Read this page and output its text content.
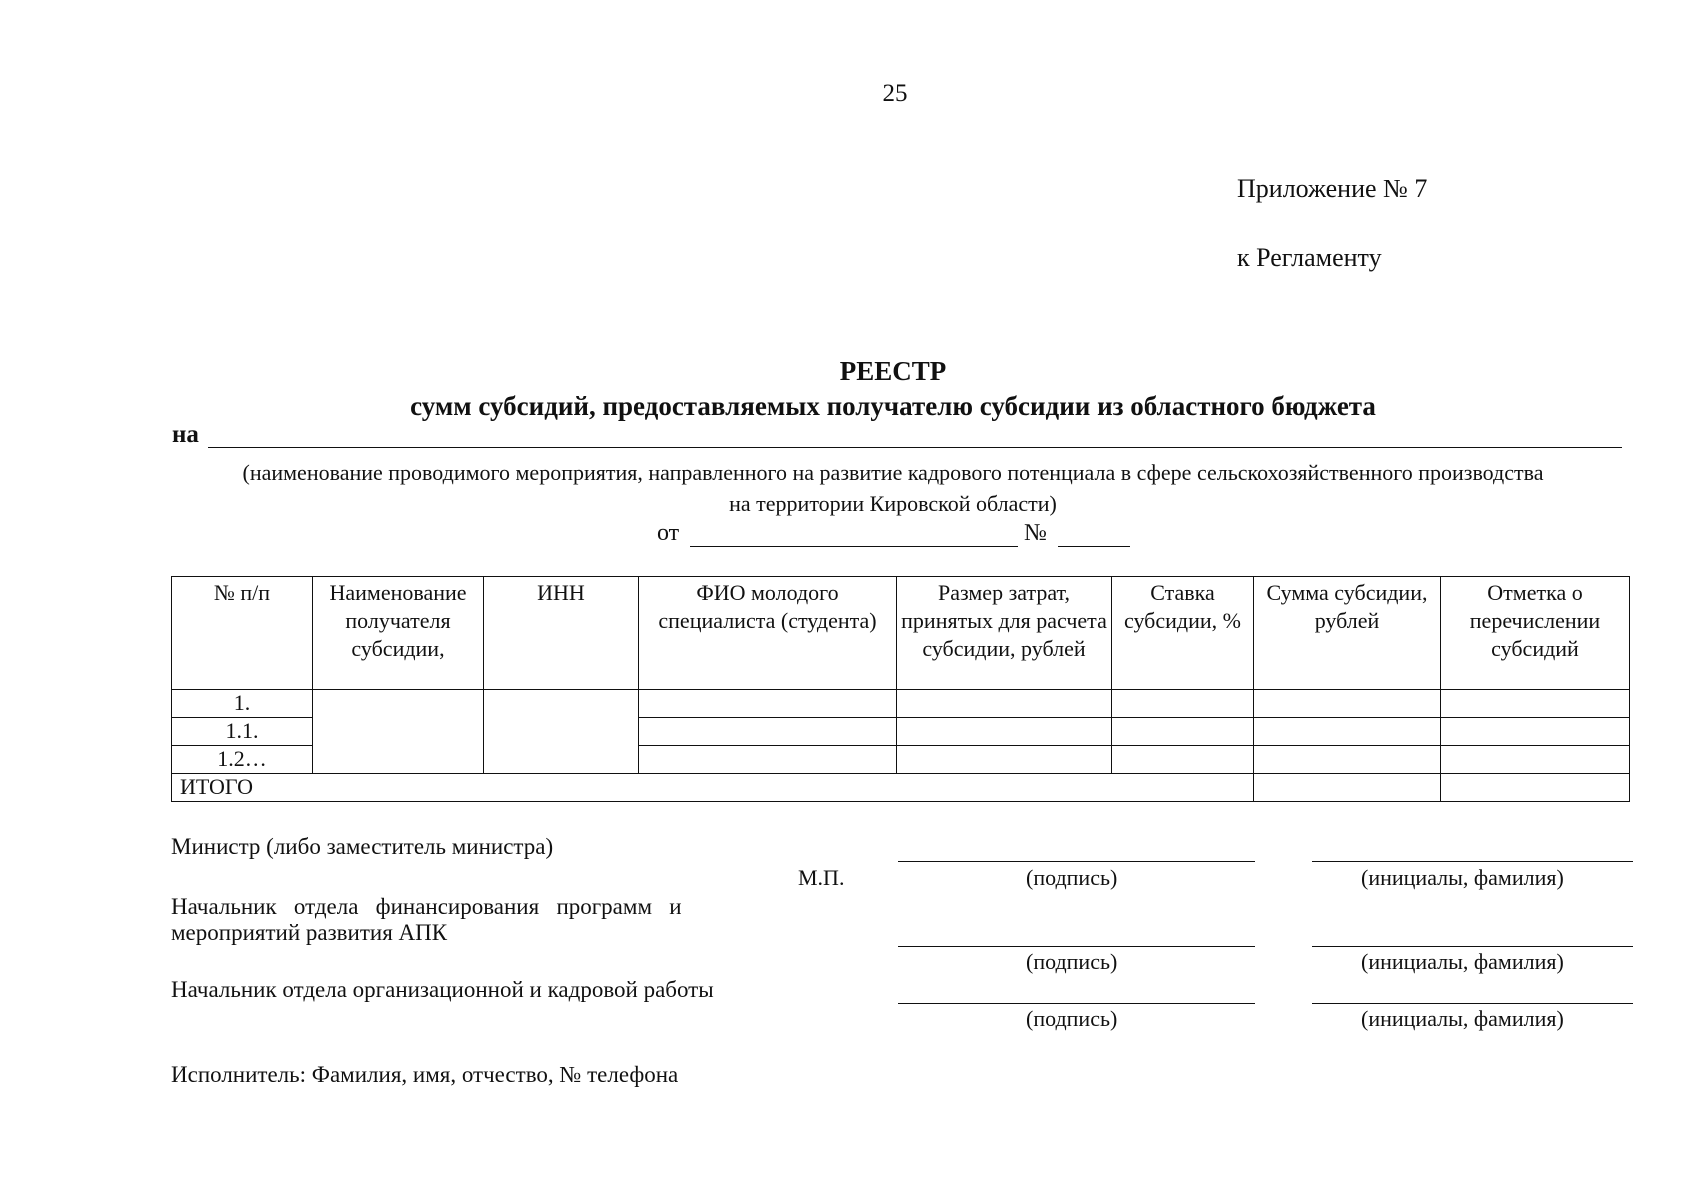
25
Приложение № 7
к Регламенту
РЕЕСТР
сумм субсидий, предоставляемых получателю субсидии из областного бюджета
на
(наименование проводимого мероприятия, направленного на развитие кадрового потенциала в сфере сельскохозяйственного производства
на территории Кировской области)
от	№
№ п/п	Наименование получателя субсидии,	ИНН	ФИО молодого специалиста (студента)	Размер затрат, принятых для расчета субсидии, рублей	Ставка субсидии, %	Сумма субсидии, рублей	Отметка о перечислении субсидий
1.							
1.1.							
1.2…							
ИТОГО							
Министр (либо заместитель министра)
М.П.	(подпись)	(инициалы, фамилия)
Начальник   отдела   финансирования   программ   и
мероприятий развития АПК
(подпись)	(инициалы, фамилия)
Начальник отдела организационной и кадровой работы
(подпись)	(инициалы, фамилия)
Исполнитель: Фамилия, имя, отчество, № телефона
